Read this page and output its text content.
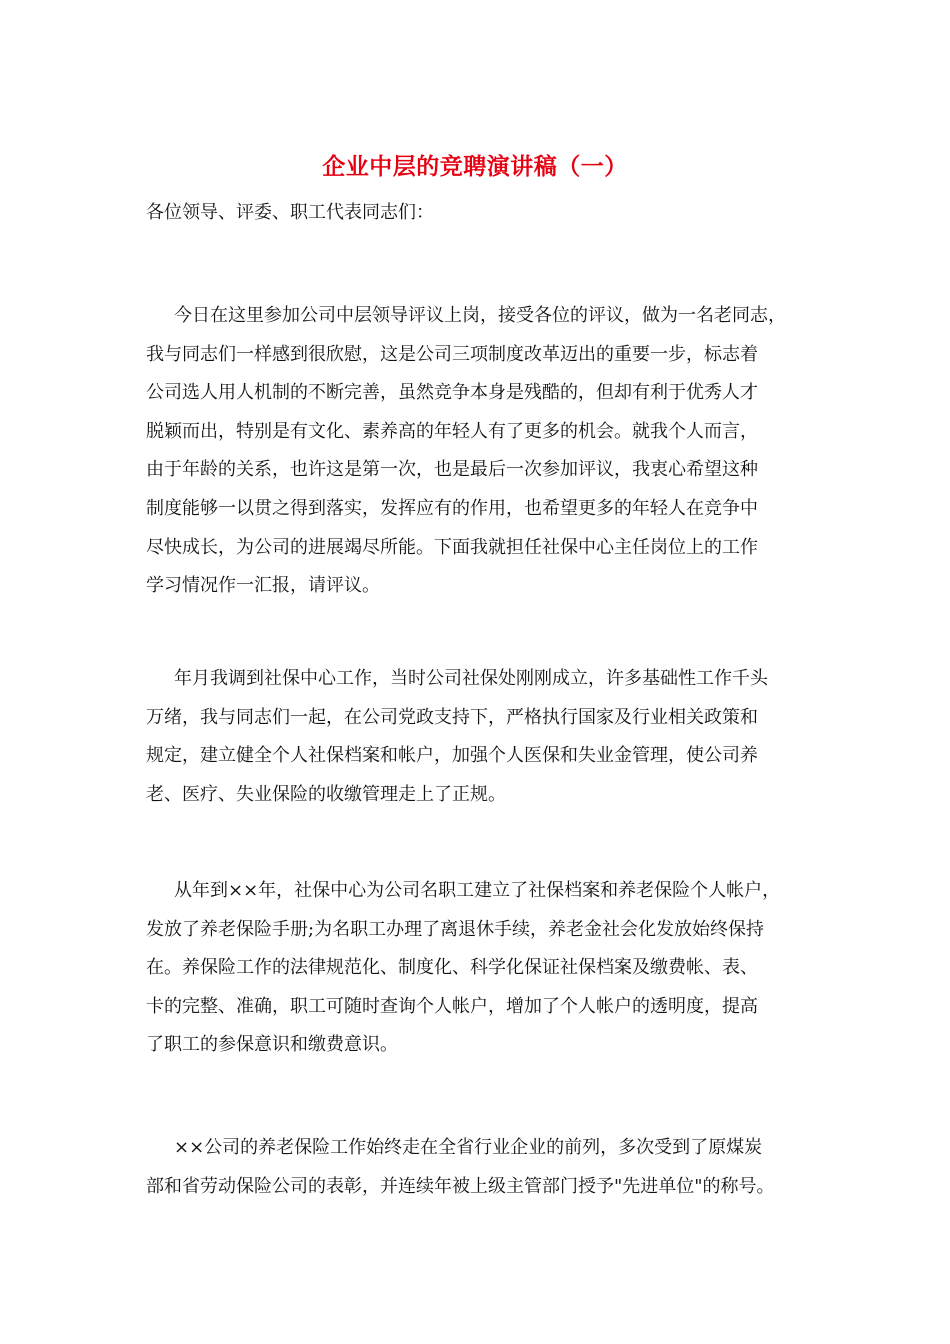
企业中层的竞聘演讲稿（一）
各位领导、评委、职工代表同志们：
今日在这里参加公司中层领导评议上岗，接受各位的评议，做为一名老同志，
我与同志们一样感到很欣慰，这是公司三项制度改革迈出的重要一步，标志着
公司选人用人机制的不断完善，虽然竞争本身是残酷的，但却有利于优秀人才
脱颖而出，特别是有文化、素养高的年轻人有了更多的机会。就我个人而言，
由于年龄的关系，也许这是第一次，也是最后一次参加评议，我衷心希望这种
制度能够一以贯之得到落实，发挥应有的作用，也希望更多的年轻人在竞争中
尽快成长，为公司的进展竭尽所能。下面我就担任社保中心主任岗位上的工作
学习情况作一汇报，请评议。
年月我调到社保中心工作，当时公司社保处刚刚成立，许多基础性工作千头
万绪，我与同志们一起，在公司党政支持下，严格执行国家及行业相关政策和
规定，建立健全个人社保档案和帐户，加强个人医保和失业金管理，使公司养
老、医疗、失业保险的收缴管理走上了正规。
从年到××年，社保中心为公司名职工建立了社保档案和养老保险个人帐户，
发放了养老保险手册;为名职工办理了离退休手续，养老金社会化发放始终保持
在。养保险工作的法律规范化、制度化、科学化保证社保档案及缴费帐、表、
卡的完整、准确，职工可随时查询个人帐户，增加了个人帐户的透明度，提高
了职工的参保意识和缴费意识。
××公司的养老保险工作始终走在全省行业企业的前列，多次受到了原煤炭
部和省劳动保险公司的表彰，并连续年被上级主管部门授予"先进单位"的称号。
